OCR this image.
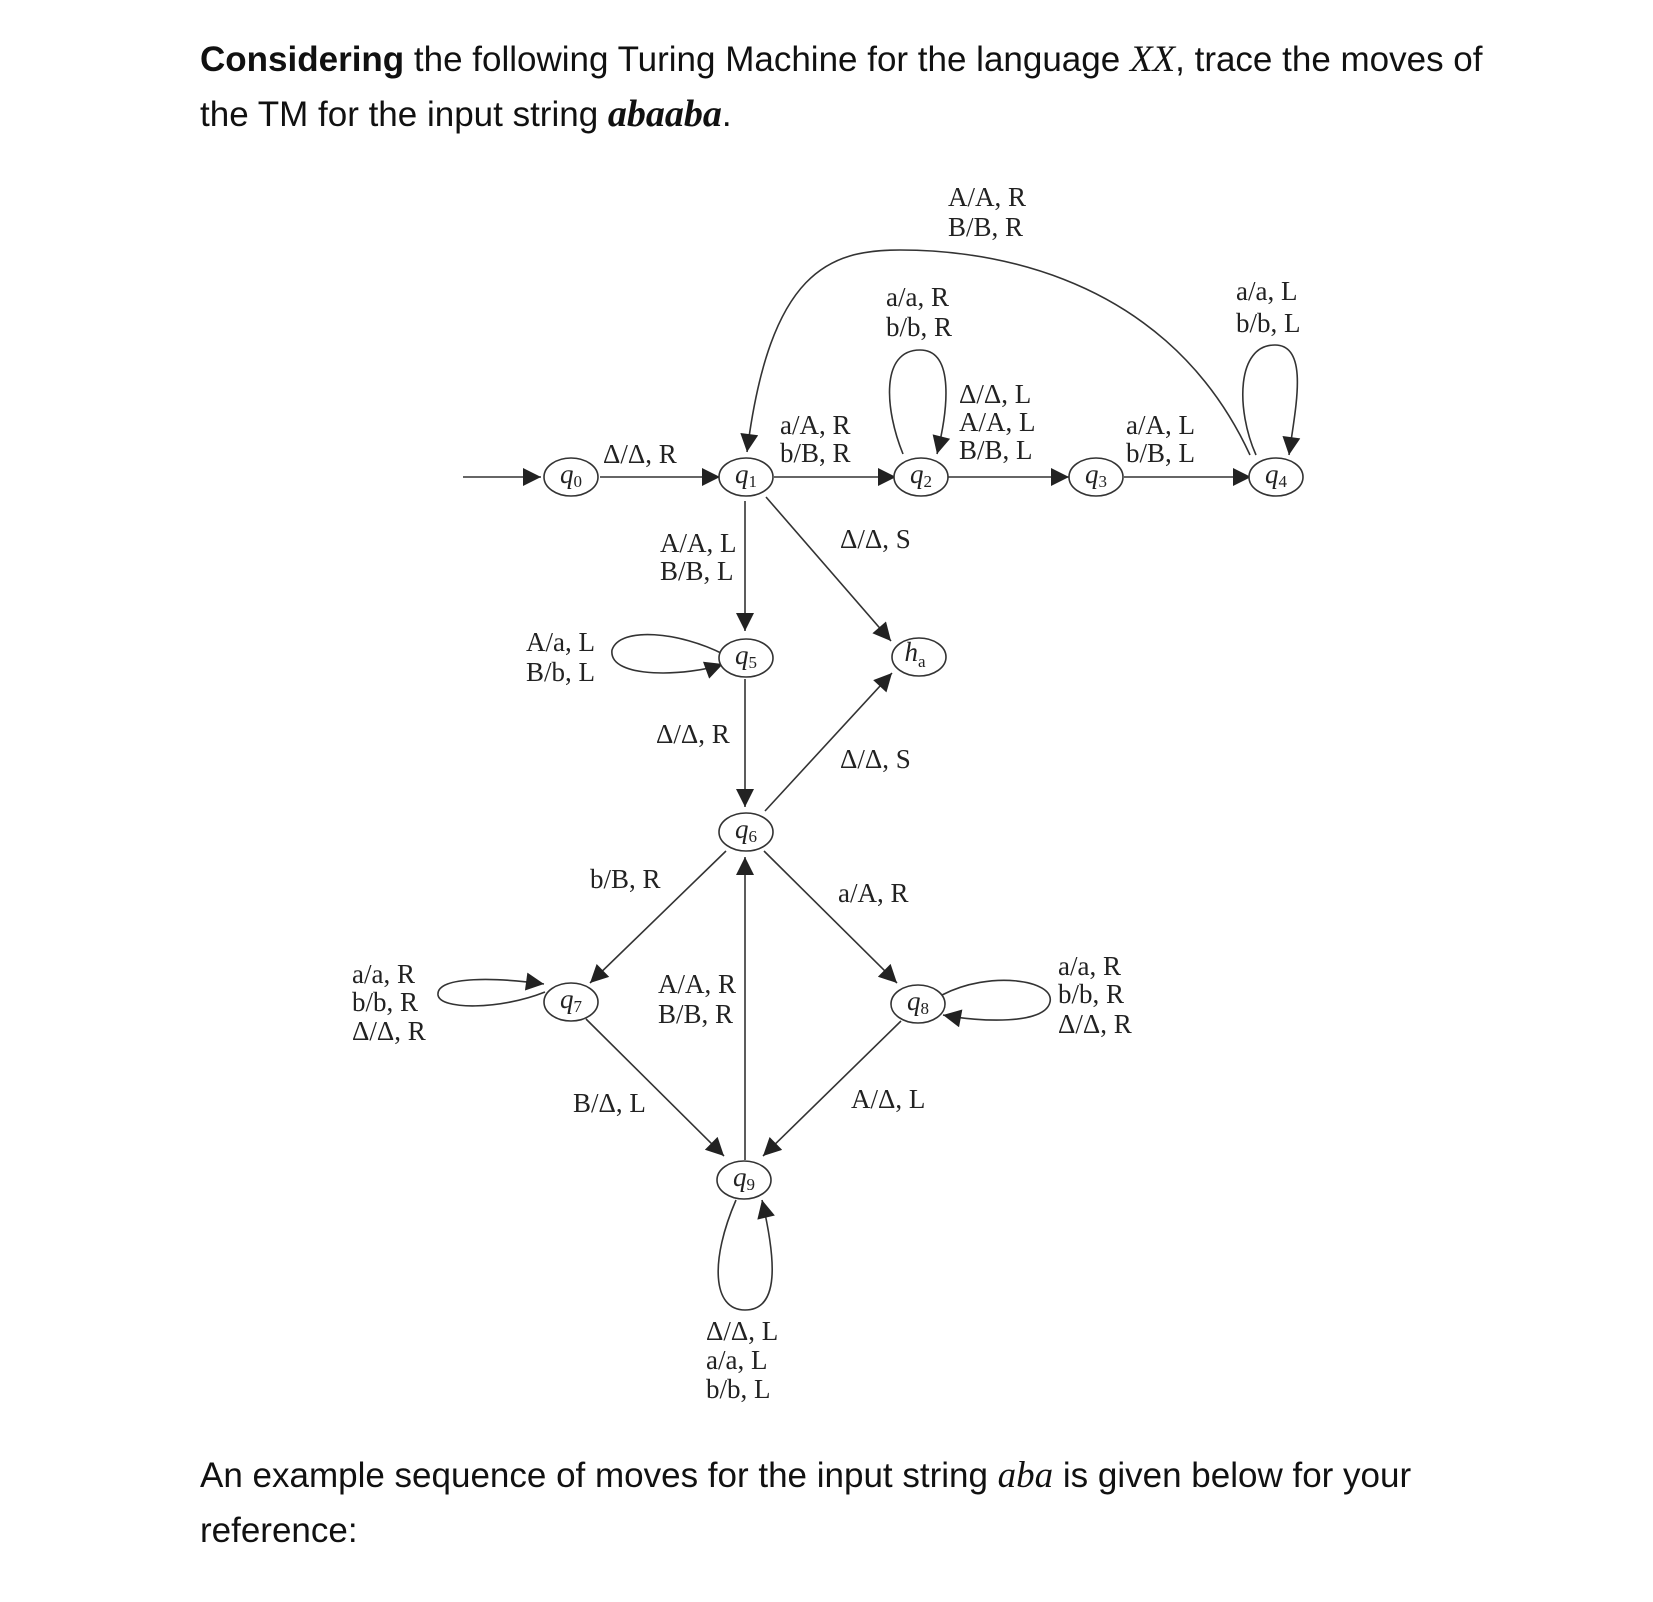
Considering the following Turing Machine for the language XX, trace the moves of the TM for the input string abaaba.
$q_0$	$q_1$	$q_2$	$q_3$	$q_4$
$q_5$
$q_6$
$q_7$	$q_8$
$q_9$
$h_a$
A/A, R
B/B, R
a/a, R
b/b, R
a/a, L
b/b, L
Δ/Δ, L
A/A, L
B/B, L
a/A, R
b/B, R
a/A, L
b/B, L
Δ/Δ, R
A/A, L
B/B, L
Δ/Δ, S
A/a, L
B/b, L
Δ/Δ, R
Δ/Δ, S
b/B, R	a/A, R
a/a, R
b/b, R
Δ/Δ, R
A/A, R
B/B, R
a/a, R
b/b, R
Δ/Δ, R
B/Δ, L	A/Δ, L
Δ/Δ, L
a/a, L
b/b, L
An example sequence of moves for the input string aba is given below for your reference:
